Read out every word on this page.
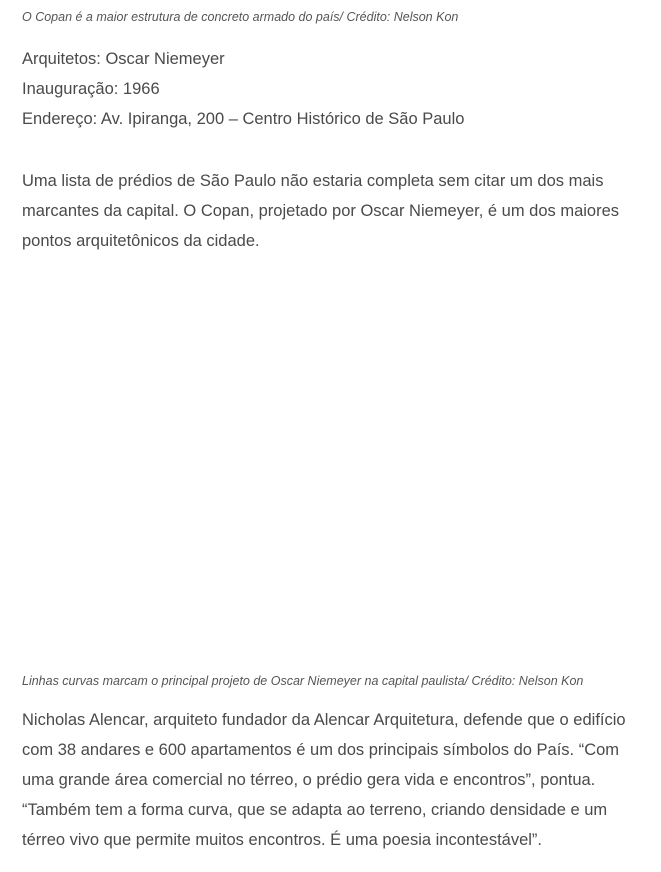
O Copan é a maior estrutura de concreto armado do país/ Crédito: Nelson Kon

Arquitetos: Oscar Niemeyer
Inauguração: 1966
Endereço: Av. Ipiranga, 200 – Centro Histórico de São Paulo

Uma lista de prédios de São Paulo não estaria completa sem citar um dos mais marcantes da capital. O Copan, projetado por Oscar Niemeyer, é um dos maiores pontos arquitetônicos da cidade.

Linhas curvas marcam o principal projeto de Oscar Niemeyer na capital paulista/ Crédito: Nelson Kon

Nicholas Alencar, arquiteto fundador da Alencar Arquitetura, defende que o edifício com 38 andares e 600 apartamentos é um dos principais símbolos do País. “Com uma grande área comercial no térreo, o prédio gera vida e encontros”, pontua. “Também tem a forma curva, que se adapta ao terreno, criando densidade e um térreo vivo que permite muitos encontros. É uma poesia incontestável”.
